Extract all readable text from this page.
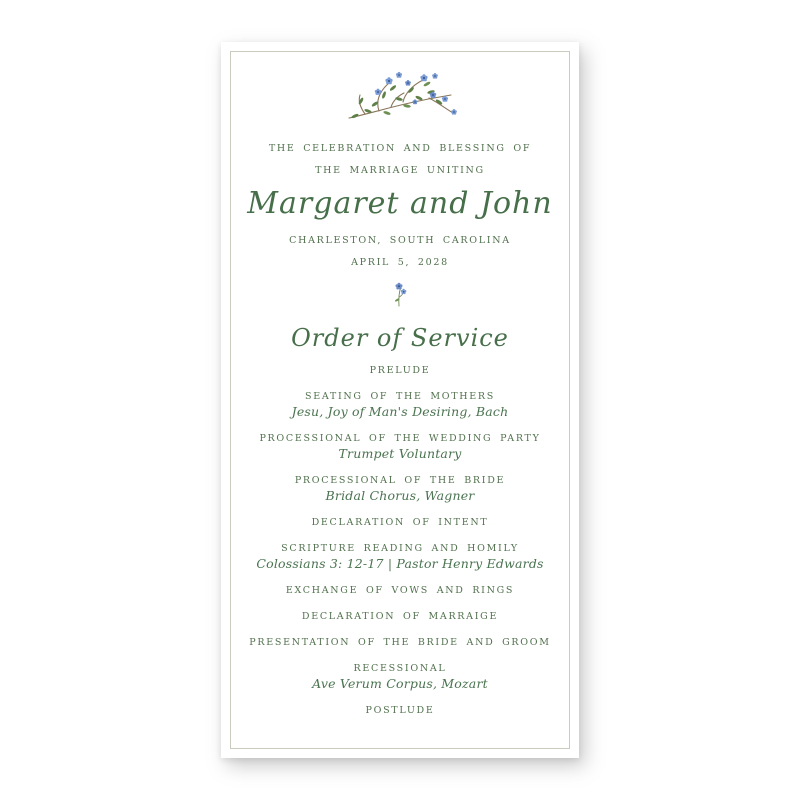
THE CELEBRATION AND BLESSING OF
THE MARRIAGE UNITING
Margaret and John
CHARLESTON, SOUTH CAROLINA
APRIL 5, 2028
Order of Service
PRELUDE
SEATING OF THE MOTHERS
Jesu, Joy of Man's Desiring, Bach
PROCESSIONAL OF THE WEDDING PARTY
Trumpet Voluntary
PROCESSIONAL OF THE BRIDE
Bridal Chorus, Wagner
DECLARATION OF INTENT
SCRIPTURE READING AND HOMILY
Colossians 3: 12-17 | Pastor Henry Edwards
EXCHANGE OF VOWS AND RINGS
DECLARATION OF MARRAIGE
PRESENTATION OF THE BRIDE AND GROOM
RECESSIONAL
Ave Verum Corpus, Mozart
POSTLUDE
